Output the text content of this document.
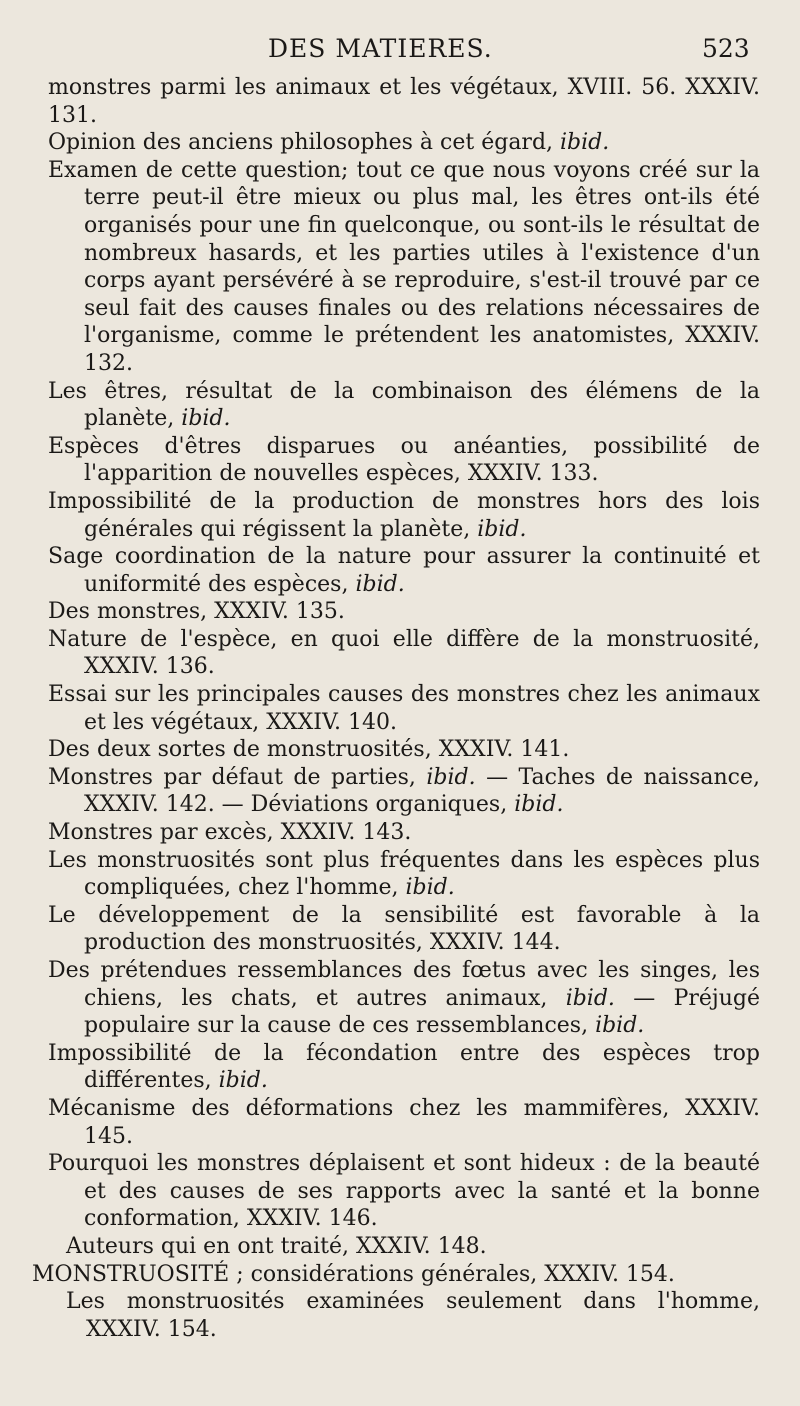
DES MATIERES.	523

monstres parmi les animaux et les végétaux, XVIII. 56. XXXIV. 131.

Opinion des anciens philosophes à cet égard, ibid.

Examen de cette question; tout ce que nous voyons créé sur la terre peut-il être mieux ou plus mal, les êtres ont-ils été organisés pour une fin quelconque, ou sont-ils le résultat de nombreux hasards, et les parties utiles à l'existence d'un corps ayant persévéré à se reproduire, s'est-il trouvé par ce seul fait des causes finales ou des relations nécessaires de l'organisme, comme le prétendent les anatomistes, XXXIV. 132.

Les êtres, résultat de la combinaison des élémens de la planète, ibid.

Espèces d'êtres disparues ou anéanties, possibilité de l'apparition de nouvelles espèces, XXXIV. 133.

Impossibilité de la production de monstres hors des lois générales qui régissent la planète, ibid.

Sage coordination de la nature pour assurer la continuité et uniformité des espèces, ibid.

Des monstres, XXXIV. 135.

Nature de l'espèce, en quoi elle diffère de la monstruosité, XXXIV. 136.

Essai sur les principales causes des monstres chez les animaux et les végétaux, XXXIV. 140.

Des deux sortes de monstruosités, XXXIV. 141.

Monstres par défaut de parties, ibid. — Taches de naissance, XXXIV. 142. — Déviations organiques, ibid.

Monstres par excès, XXXIV. 143.

Les monstruosités sont plus fréquentes dans les espèces plus compliquées, chez l'homme, ibid.

Le développement de la sensibilité est favorable à la production des monstruosités, XXXIV. 144.

Des prétendues ressemblances des fœtus avec les singes, les chiens, les chats, et autres animaux, ibid. — Préjugé populaire sur la cause de ces ressemblances, ibid.

Impossibilité de la fécondation entre des espèces trop différentes, ibid.

Mécanisme des déformations chez les mammifères, XXXIV. 145.

Pourquoi les monstres déplaisent et sont hideux : de la beauté et des causes de ses rapports avec la santé et la bonne conformation, XXXIV. 146.

Auteurs qui en ont traité, XXXIV. 148.

MONSTRUOSITÉ ; considérations générales, XXXIV. 154.

Les monstruosités examinées seulement dans l'homme, XXXIV. 154.
